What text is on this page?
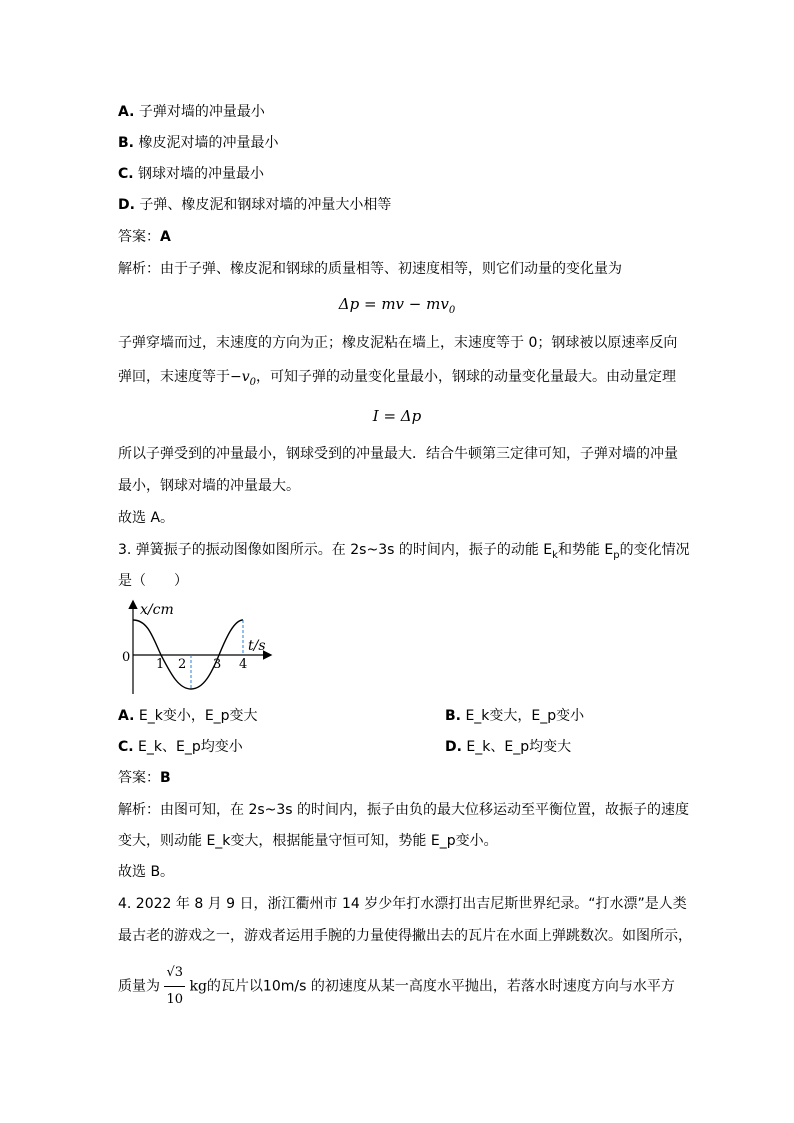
A. 子弹对墙的冲量最小
B. 橡皮泥对墙的冲量最小
C. 钢球对墙的冲量最小
D. 子弹、橡皮泥和钢球对墙的冲量大小相等
答案：A
解析：由于子弹、橡皮泥和钢球的质量相等、初速度相等，则它们动量的变化量为
Δp = mv − $mv_0$
子弹穿墙而过，末速度的方向为正；橡皮泥粘在墙上，末速度等于 0；钢球被以原速率反向
弹回，末速度等于$-v_0$，可知子弹的动量变化量最小，钢球的动量变化量最大。由动量定理
I = Δp
所以子弹受到的冲量最小，钢球受到的冲量最大．结合牛顿第三定律可知，子弹对墙的冲量
最小，钢球对墙的冲量最大。
故选 A。
3. 弹簧振子的振动图像如图所示。在 2s~3s 的时间内，振子的动能 $E_k$和势能 $E_p$的变化情况
是（　　）
x/cm
t/s
0 1 2 3 4
A. E_k变小，E_p变大	B. E_k变大，E_p变小
C. E_k、E_p均变小	D. E_k、E_p均变大
答案：B
解析：由图可知，在 2s~3s 的时间内，振子由负的最大位移运动至平衡位置，故振子的速度
变大，则动能 E_k变大，根据能量守恒可知，势能 E_p变小。
故选 B。
4. 2022 年 8 月 9 日，浙江衢州市 14 岁少年打水漂打出吉尼斯世界纪录。“打水漂”是人类
最古老的游戏之一，游戏者运用手腕的力量使得撇出去的瓦片在水面上弹跳数次。如图所示，
质量为 $\frac{√3}{10}$ kg的瓦片以10m/s 的初速度从某一高度水平抛出，若落水时速度方向与水平方
